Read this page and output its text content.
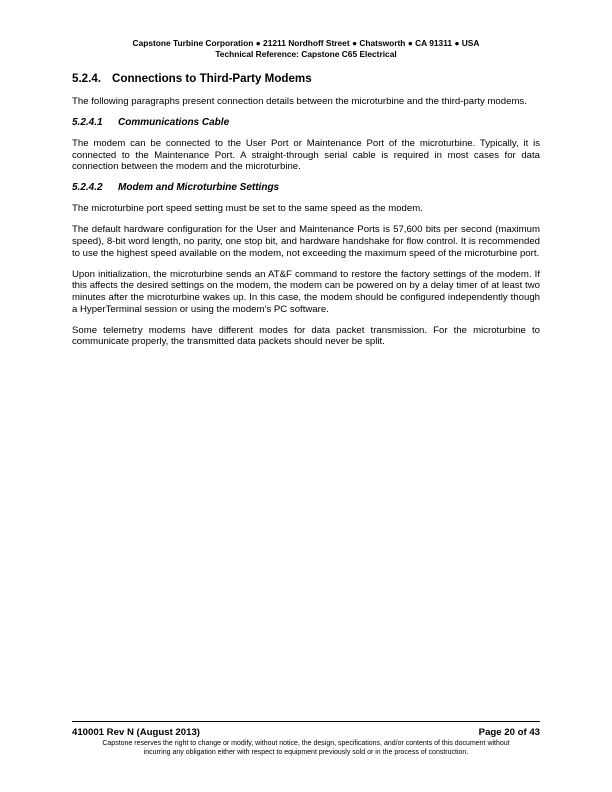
Capstone Turbine Corporation ● 21211 Nordhoff Street ● Chatsworth ● CA 91311 ● USA
Technical Reference: Capstone C65 Electrical
5.2.4. Connections to Third-Party Modems

The following paragraphs present connection details between the microturbine and the third-party modems.

5.2.4.1 Communications Cable

The modem can be connected to the User Port or Maintenance Port of the microturbine. Typically, it is connected to the Maintenance Port. A straight-through serial cable is required in most cases for data connection between the modem and the microturbine.

5.2.4.2 Modem and Microturbine Settings

The microturbine port speed setting must be set to the same speed as the modem.

The default hardware configuration for the User and Maintenance Ports is 57,600 bits per second (maximum speed), 8-bit word length, no parity, one stop bit, and hardware handshake for flow control. It is recommended to use the highest speed available on the modem, not exceeding the maximum speed of the microturbine port.

Upon initialization, the microturbine sends an AT&F command to restore the factory settings of the modem. If this affects the desired settings on the modem, the modem can be powered on by a delay timer of at least two minutes after the microturbine wakes up. In this case, the modem should be configured independently though a HyperTerminal session or using the modem’s PC software.

Some telemetry modems have different modes for data packet transmission. For the microturbine to communicate properly, the transmitted data packets should never be split.

410001 Rev N (August 2013)	Page 20 of 43
Capstone reserves the right to change or modify, without notice, the design, specifications, and/or contents of this document without
incurring any obligation either with respect to equipment previously sold or in the process of construction.
